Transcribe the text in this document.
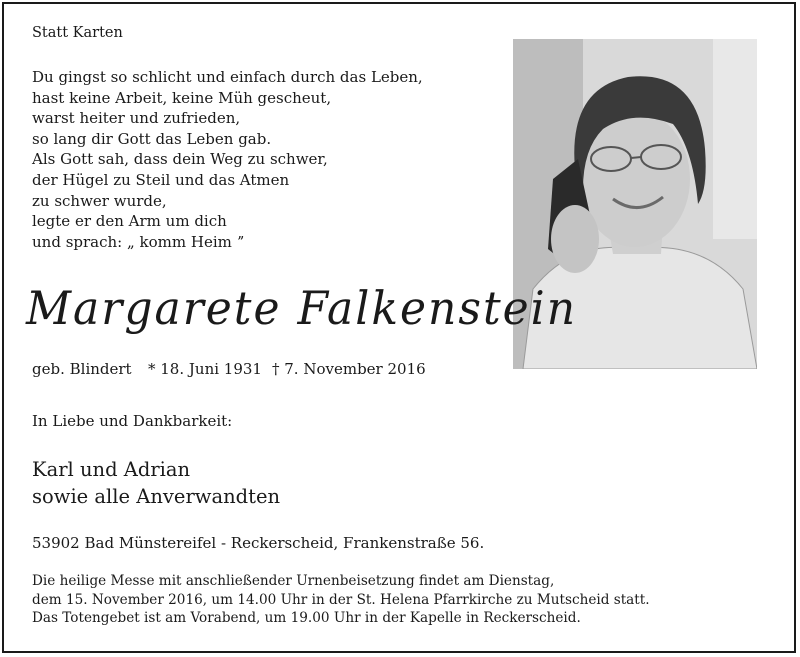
Statt Karten
Du gingst so schlicht und einfach durch das Leben,
hast keine Arbeit, keine Müh gescheut,
warst heiter und zufrieden,
so lang dir Gott das Leben gab.
Als Gott sah, dass dein Weg zu schwer,
der Hügel zu Steil und das Atmen
zu schwer wurde,
legte er den Arm um dich
und sprach: „ komm Heim ˮ
Margarete Falkenstein
geb. Blindert * 18. Juni 1931 † 7. November 2016
In Liebe und Dankbarkeit:
Karl und Adrian
sowie alle Anverwandten
53902 Bad Münstereifel - Reckerscheid, Frankenstraße 56.
Die heilige Messe mit anschließender Urnenbeisetzung findet am Dienstag,
dem 15. November 2016, um 14.00 Uhr in der St. Helena Pfarrkirche zu Mutscheid statt.
Das Totengebet ist am Vorabend, um 19.00 Uhr in der Kapelle in Reckerscheid.
